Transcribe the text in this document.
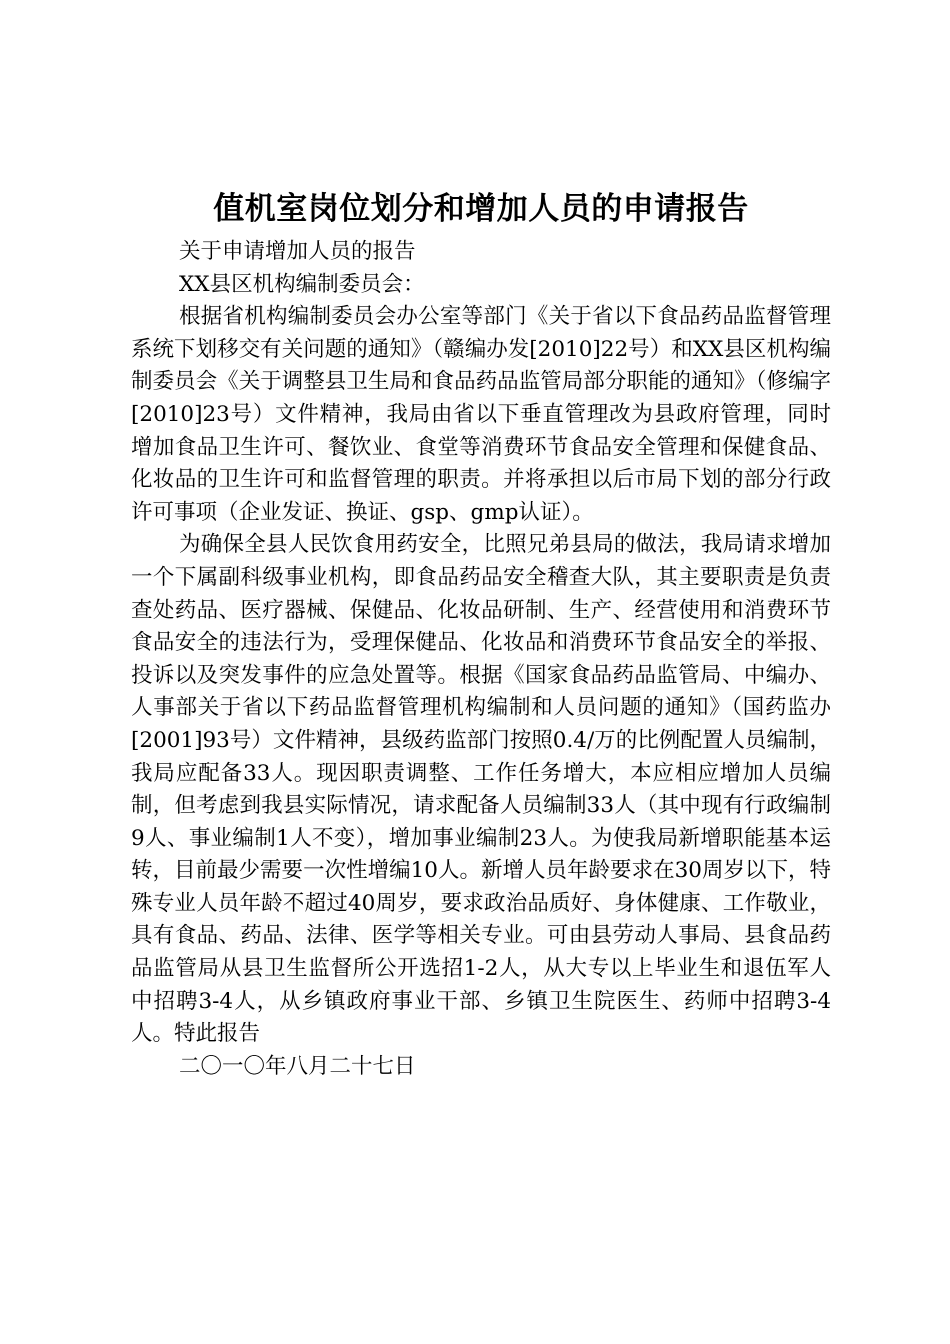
值机室岗位划分和增加人员的申请报告

关于申请增加人员的报告

XX县区机构编制委员会：

根据省机构编制委员会办公室等部门《关于省以下食品药品监督管理系统下划移交有关问题的通知》（赣编办发[2010]22号）和XX县区机构编制委员会《关于调整县卫生局和食品药品监管局部分职能的通知》（修编字[2010]23号）文件精神，我局由省以下垂直管理改为县政府管理，同时增加食品卫生许可、餐饮业、食堂等消费环节食品安全管理和保健食品、化妆品的卫生许可和监督管理的职责。并将承担以后市局下划的部分行政许可事项（企业发证、换证、gsp、gmp认证）。

为确保全县人民饮食用药安全，比照兄弟县局的做法，我局请求增加一个下属副科级事业机构，即食品药品安全稽查大队，其主要职责是负责查处药品、医疗器械、保健品、化妆品研制、生产、经营使用和消费环节食品安全的违法行为，受理保健品、化妆品和消费环节食品安全的举报、投诉以及突发事件的应急处置等。根据《国家食品药品监管局、中编办、人事部关于省以下药品监督管理机构编制和人员问题的通知》（国药监办[2001]93号）文件精神，县级药监部门按照0.4/万的比例配置人员编制，我局应配备33人。现因职责调整、工作任务增大，本应相应增加人员编制，但考虑到我县实际情况，请求配备人员编制33人（其中现有行政编制9人、事业编制1人不变），增加事业编制23人。为使我局新增职能基本运转，目前最少需要一次性增编10人。新增人员年龄要求在30周岁以下，特殊专业人员年龄不超过40周岁，要求政治品质好、身体健康、工作敬业，具有食品、药品、法律、医学等相关专业。可由县劳动人事局、县食品药品监管局从县卫生监督所公开选招1-2人，从大专以上毕业生和退伍军人中招聘3-4人，从乡镇政府事业干部、乡镇卫生院医生、药师中招聘3-4人。特此报告

二〇一〇年八月二十七日
